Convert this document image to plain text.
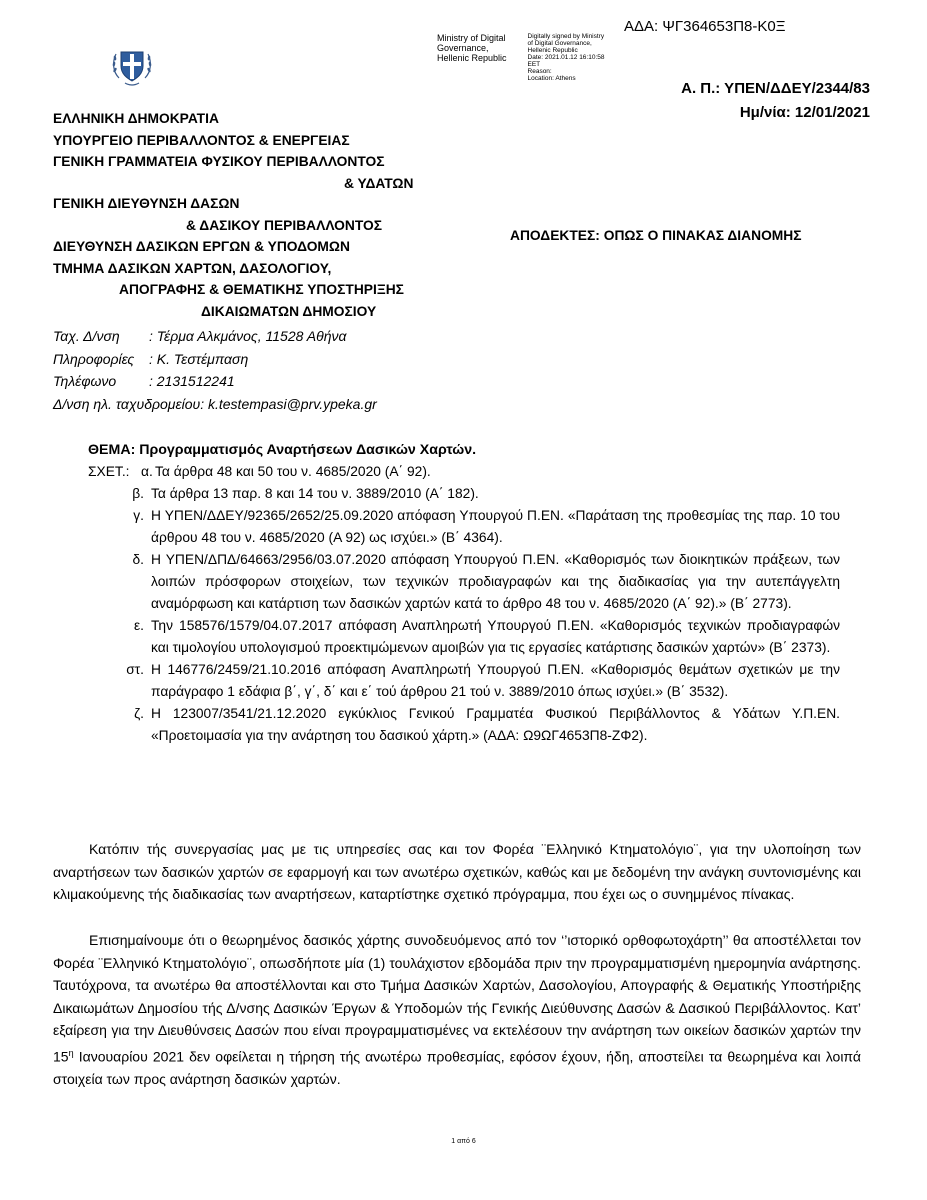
ΑΔΑ: ΨΓ364653Π8-Κ0Ξ
Ministry of Digital
Governance,
Hellenic Republic

Digitally signed by Ministry
of Digital Governance,
Hellenic Republic
Date: 2021.01.12 16:10:58
EET
Reason:
Location: Athens
Α. Π.: ΥΠΕΝ/ΔΔΕΥ/2344/83
Ημ/νία: 12/01/2021
ΕΛΛΗΝΙΚΗ ΔΗΜΟΚΡΑΤΙΑ
ΥΠΟΥΡΓΕΙΟ ΠΕΡΙΒΑΛΛΟΝΤΟΣ & ΕΝΕΡΓΕΙΑΣ
ΓΕΝΙΚΗ ΓΡΑΜΜΑΤΕΙΑ ΦΥΣΙΚΟΥ ΠΕΡΙΒΑΛΛΟΝΤΟΣ
& ΥΔΑΤΩΝ
ΓΕΝΙΚΗ ΔΙΕΥΘΥΝΣΗ ΔΑΣΩΝ
& ΔΑΣΙΚΟΥ ΠΕΡΙΒΑΛΛΟΝΤΟΣ
ΔΙΕΥΘΥΝΣΗ ΔΑΣΙΚΩΝ ΕΡΓΩΝ & ΥΠΟΔΟΜΩΝ
ΤΜΗΜΑ ΔΑΣΙΚΩΝ ΧΑΡΤΩΝ, ΔΑΣΟΛΟΓΙΟΥ,
ΑΠΟΓΡΑΦΗΣ & ΘΕΜΑΤΙΚΗΣ ΥΠΟΣΤΗΡΙΞΗΣ
ΔΙΚΑΙΩΜΑΤΩΝ ΔΗΜΟΣΙΟΥ
ΑΠΟΔΕΚΤΕΣ: ΟΠΩΣ Ο ΠΙΝΑΚΑΣ ΔΙΑΝΟΜΗΣ
Ταχ. Δ/νση : Τέρμα Αλκμάνος, 11528 Αθήνα
Πληροφορίες : Κ. Τεστέμπαση
Τηλέφωνο : 2131512241
Δ/νση ηλ. ταχυδρομείου: k.testempasi@prv.ypeka.gr
ΘΕΜΑ: Προγραμματισμός Αναρτήσεων Δασικών Χαρτών.
ΣΧΕΤ.: α. Τα άρθρα 48 και 50 του ν. 4685/2020 (Α΄ 92).
β. Τα άρθρα 13 παρ. 8 και 14 του ν. 3889/2010 (Α΄ 182).
γ. Η ΥΠΕΝ/ΔΔΕΥ/92365/2652/25.09.2020 απόφαση Υπουργού Π.ΕΝ. «Παράταση της προθεσμίας της παρ. 10 του άρθρου 48 του ν. 4685/2020 (Α 92) ως ισχύει.» (Β΄ 4364).
δ. Η ΥΠΕΝ/ΔΠΔ/64663/2956/03.07.2020 απόφαση Υπουργού Π.ΕΝ. «Καθορισμός των διοικητικών πράξεων, των λοιπών πρόσφορων στοιχείων, των τεχνικών προδιαγραφών και της διαδικασίας για την αυτεπάγγελτη αναμόρφωση και κατάρτιση των δασικών χαρτών κατά το άρθρο 48 του ν. 4685/2020 (Α΄ 92).» (Β΄ 2773).
ε. Την 158576/1579/04.07.2017 απόφαση Αναπληρωτή Υπουργού Π.ΕΝ. «Καθορισμός τεχνικών προδιαγραφών και τιμολογίου υπολογισμού προεκτιμώμενων αμοιβών για τις εργασίες κατάρτισης δασικών χαρτών» (Β΄ 2373).
στ. Η 146776/2459/21.10.2016 απόφαση Αναπληρωτή Υπουργού Π.ΕΝ. «Καθορισμός θεμάτων σχετικών με την παράγραφο 1 εδάφια β΄, γ΄, δ΄ και ε΄ τού άρθρου 21 τού ν. 3889/2010 όπως ισχύει.» (Β΄ 3532).
ζ. Η 123007/3541/21.12.2020 εγκύκλιος Γενικού Γραμματέα Φυσικού Περιβάλλοντος & Υδάτων Υ.Π.ΕΝ. «Προετοιμασία για την ανάρτηση του δασικού χάρτη.» (ΑΔΑ: Ω9ΩΓ4653Π8-ΖΦ2).

Κατόπιν τής συνεργασίας μας με τις υπηρεσίες σας και τον Φορέα ¨Ελληνικό Κτηματολόγιο¨, για την υλοποίηση των αναρτήσεων των δασικών χαρτών σε εφαρμογή και των ανωτέρω σχετικών, καθώς και με δεδομένη την ανάγκη συντονισμένης και κλιμακούμενης τής διαδικασίας των αναρτήσεων, καταρτίστηκε σχετικό πρόγραμμα, που έχει ως ο συνημμένος πίνακας.

Επισημαίνουμε ότι ο θεωρημένος δασικός χάρτης συνοδευόμενος από τον ‘’ιστορικό ορθοφωτοχάρτη’’ θα αποστέλλεται τον Φορέα ¨Ελληνικό Κτηματολόγιο¨, οπωσδήποτε μία (1) τουλάχιστον εβδομάδα πριν την προγραμματισμένη ημερομηνία ανάρτησης. Ταυτόχρονα, τα ανωτέρω θα αποστέλλονται και στο Τμήμα Δασικών Χαρτών, Δασολογίου, Απογραφής & Θεματικής Υποστήριξης Δικαιωμάτων Δημοσίου τής Δ/νσης Δασικών Έργων & Υποδομών τής Γενικής Διεύθυνσης Δασών & Δασικού Περιβάλλοντος. Κατ’ εξαίρεση για την Διευθύνσεις Δασών που είναι προγραμματισμένες να εκτελέσουν την ανάρτηση των οικείων δασικών χαρτών την $15^\eta$ Ιανουαρίου 2021 δεν οφείλεται η τήρηση τής ανωτέρω προθεσμίας, εφόσον έχουν, ήδη, αποστείλει τα θεωρημένα και λοιπά στοιχεία των προς ανάρτηση δασικών χαρτών.

1 από 6
